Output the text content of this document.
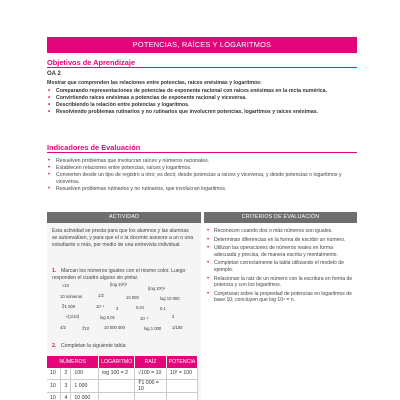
POTENCIAS, RAÍCES Y LOGARITMOS
Objetivos de Aprendizaje
OA 2
Mostrar que comprenden las relaciones entre potencias, raíces enésimas y logaritmos:
• Comparando representaciones de potencias de exponente racional con raíces enésimas en la recta numérica.
• Convirtiendo raíces enésimas a potencias de exponente racional y viceversa.
• Describiendo la relación entre potencias y logaritmos.
• Resolviendo problemas rutinarios y no rutinarios que involucren potencias, logaritmos y raíces enésimas.
Indicadores de Evaluación
• Resuelven problemas que involucran raíces y números racionales.
• Establecen relaciones entre potencias, raíces y logaritmos.
• Convierten desde un tipo de registro a otro; es decir, desde potencias a raíces y viceversa, y desde potencias o logaritmos y viceversa.
• Resuelven problemas rutinarios y no rutinarios, que involucran logaritmos.
ACTIVIDAD	CRITERIOS DE EVALUACIÓN
Esta actividad se presta para que los alumnos y las alumnas se autoevalúen, y para que el o la docente asesore a un o una estudiante o más, por medio de una entrevista individual.
1. Marcan los números iguales con el mismo color. Luego responden el cuadro alguno sin pintar.
√10	(log 10²)²
(log 10³)²
10 números	1/2	10 000	log 10 000
∛1 000	10⁻¹	3	0,01	0,1
√(1/10)	log 0,01	10⁻²	2
4/2	∜10	10 000 000	log 1 000	1/100
2. Completan la siguiente tabla:
NÚMEROS			LOGARITMO	RAÍZ	POTENCIA
10	2	100	log 100 = 2	√100 = 10	10² = 100
10	3	1 000		∛1 000 = 10	
10	4	10 000			
• Reconocen cuando dos o más números son iguales.
• Determinan diferencias en la forma de escribir un número.
• Utilizan las operaciones de números reales en forma adecuada y precisa, de manera escrita y mentalmente.
• Completan correctamente la tabla utilizando el modelo de ejemplo.
• Relacionan la raíz de un número con la escritura en forma de potencia y con los logaritmos.
• Conjeturan sobre la propiedad de potencias en logaritmos de base 10; concluyen que log 10ⁿ = n.
